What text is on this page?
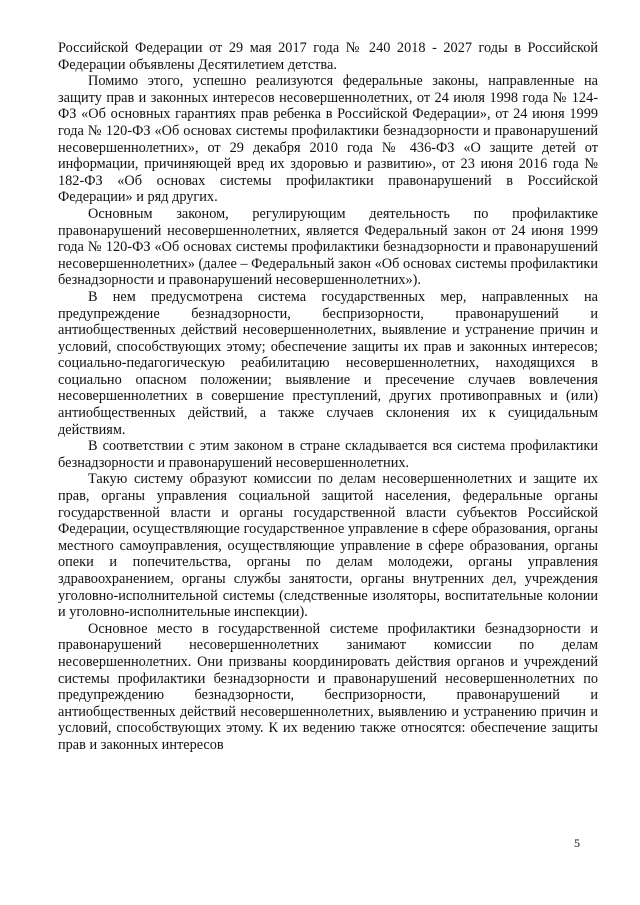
Российской Федерации от 29 мая 2017 года № 240 2018 - 2027 годы в Российской Федерации объявлены Десятилетием детства.

Помимо этого, успешно реализуются федеральные законы, направленные на защиту прав и законных интересов несовершеннолетних, от 24 июля 1998 года № 124-ФЗ «Об основных гарантиях прав ребенка в Российской Федерации», от 24 июня 1999 года № 120-ФЗ «Об основах системы профилактики безнадзорности и правонарушений несовершеннолетних», от 29 декабря 2010 года № 436-ФЗ «О защите детей от информации, причиняющей вред их здоровью и развитию», от 23 июня 2016 года № 182-ФЗ «Об основах системы профилактики правонарушений в Российской Федерации» и ряд других.

Основным законом, регулирующим деятельность по профилактике правонарушений несовершеннолетних, является Федеральный закон от 24 июня 1999 года № 120-ФЗ «Об основах системы профилактики безнадзорности и правонарушений несовершеннолетних» (далее – Федеральный закон «Об основах системы профилактики безнадзорности и правонарушений несовершеннолетних»).

В нем предусмотрена система государственных мер, направленных на предупреждение безнадзорности, беспризорности, правонарушений и антиобщественных действий несовершеннолетних, выявление и устранение причин и условий, способствующих этому; обеспечение защиты их прав и законных интересов; социально-педагогическую реабилитацию несовершеннолетних, находящихся в социально опасном положении; выявление и пресечение случаев вовлечения несовершеннолетних в совершение преступлений, других противоправных и (или) антиобщественных действий, а также случаев склонения их к суицидальным действиям.

В соответствии с этим законом в стране складывается вся система профилактики безнадзорности и правонарушений несовершеннолетних.

Такую систему образуют комиссии по делам несовершеннолетних и защите их прав, органы управления социальной защитой населения, федеральные органы государственной власти и органы государственной власти субъектов Российской Федерации, осуществляющие государственное управление в сфере образования, органы местного самоуправления, осуществляющие управление в сфере образования, органы опеки и попечительства, органы по делам молодежи, органы управления здравоохранением, органы службы занятости, органы внутренних дел, учреждения уголовно-исполнительной системы (следственные изоляторы, воспитательные колонии и уголовно-исполнительные инспекции).

Основное место в государственной системе профилактики безнадзорности и правонарушений несовершеннолетних занимают комиссии по делам несовершеннолетних. Они призваны координировать действия органов и учреждений системы профилактики безнадзорности и правонарушений несовершеннолетних по предупреждению безнадзорности, беспризорности, правонарушений и антиобщественных действий несовершеннолетних, выявлению и устранению причин и условий, способствующих этому. К их ведению также относятся: обеспечение защиты прав и законных интересов

5
